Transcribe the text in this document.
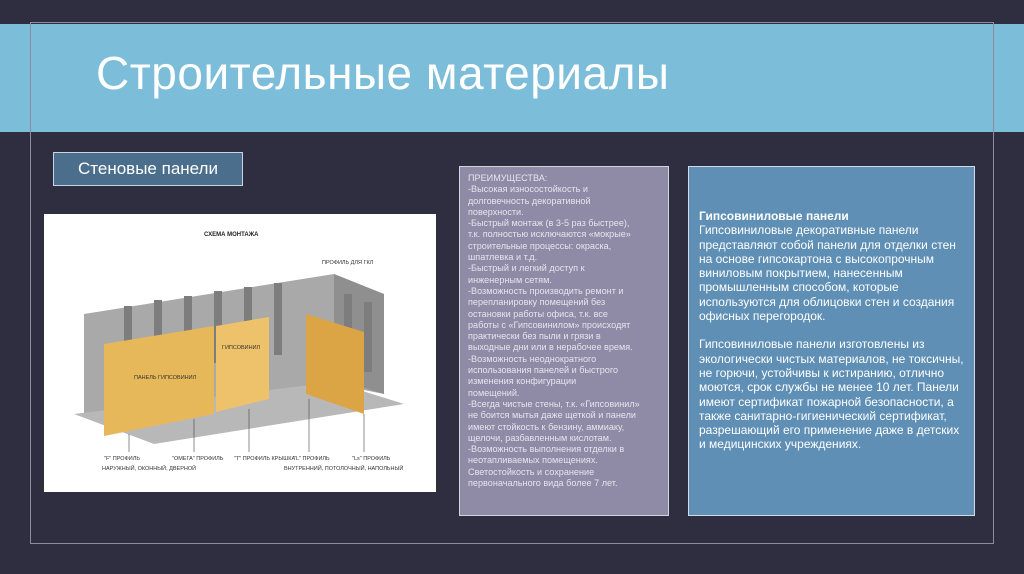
Строительные материалы
Стеновые панели
СХЕМА МОНТАЖА
ПРОФИЛЬ ДЛЯ ГКЛ
ПАНЕЛЬ ГИПСОВИНИЛ
ГИПСОВИНИЛ
"F" ПРОФИЛЬ
НАРУЖНЫЙ, ОКОННЫЙ, ДВЕРНОЙ
"ОМЕГА" ПРОФИЛЬ "T" ПРОФИЛЬ КРЫШКА
"L" ПРОФИЛЬ
ВНУТРЕННИЙ, ПОТОЛОЧНЫЙ, НАПОЛЬНЫЙ
"Ls" ПРОФИЛЬ
ПРЕИМУЩЕСТВА:
-Высокая износостойкость и
долговечность декоративной
поверхности.
-Быстрый монтаж (в 3-5 раз быстрее),
т.к. полностью исключаются «мокрые»
строительные процессы: окраска,
шпатлевка и т.д.
-Быстрый и легкий доступ к
инженерным сетям.
-Возможность производить ремонт и
перепланировку помещений без
остановки работы офиса, т.к. все
работы с «Гипсовинилом» происходят
практически без пыли и грязи в
выходные дни или в нерабочее время.
-Возможность неоднократного
использования панелей и быстрого
изменения конфигурации
помещений.
-Всегда чистые стены, т.к. «Гипсовинил»
не боится мытья даже щеткой и панели
имеют стойкость к бензину, аммиаку,
щелочи, разбавленным кислотам.
-Возможность выполнения отделки в
неотапливаемых помещениях.
Светостойкость и сохранение
первоначального вида более 7 лет.
Гипсовиниловые панели
Гипсовиниловые декоративные панели представляют собой панели для отделки стен на основе гипсокартона с высокопрочным виниловым покрытием, нанесенным промышленным способом, которые используются для облицовки стен и создания офисных перегородок.
Гипсовиниловые панели изготовлены из экологически чистых материалов, не токсичны, не горючи, устойчивы к истиранию, отлично моются, срок службы не менее 10 лет. Панели имеют сертификат пожарной безопасности, а также санитарно-гигиенический сертификат, разрешающий его применение даже в детских и медицинских учреждениях.
